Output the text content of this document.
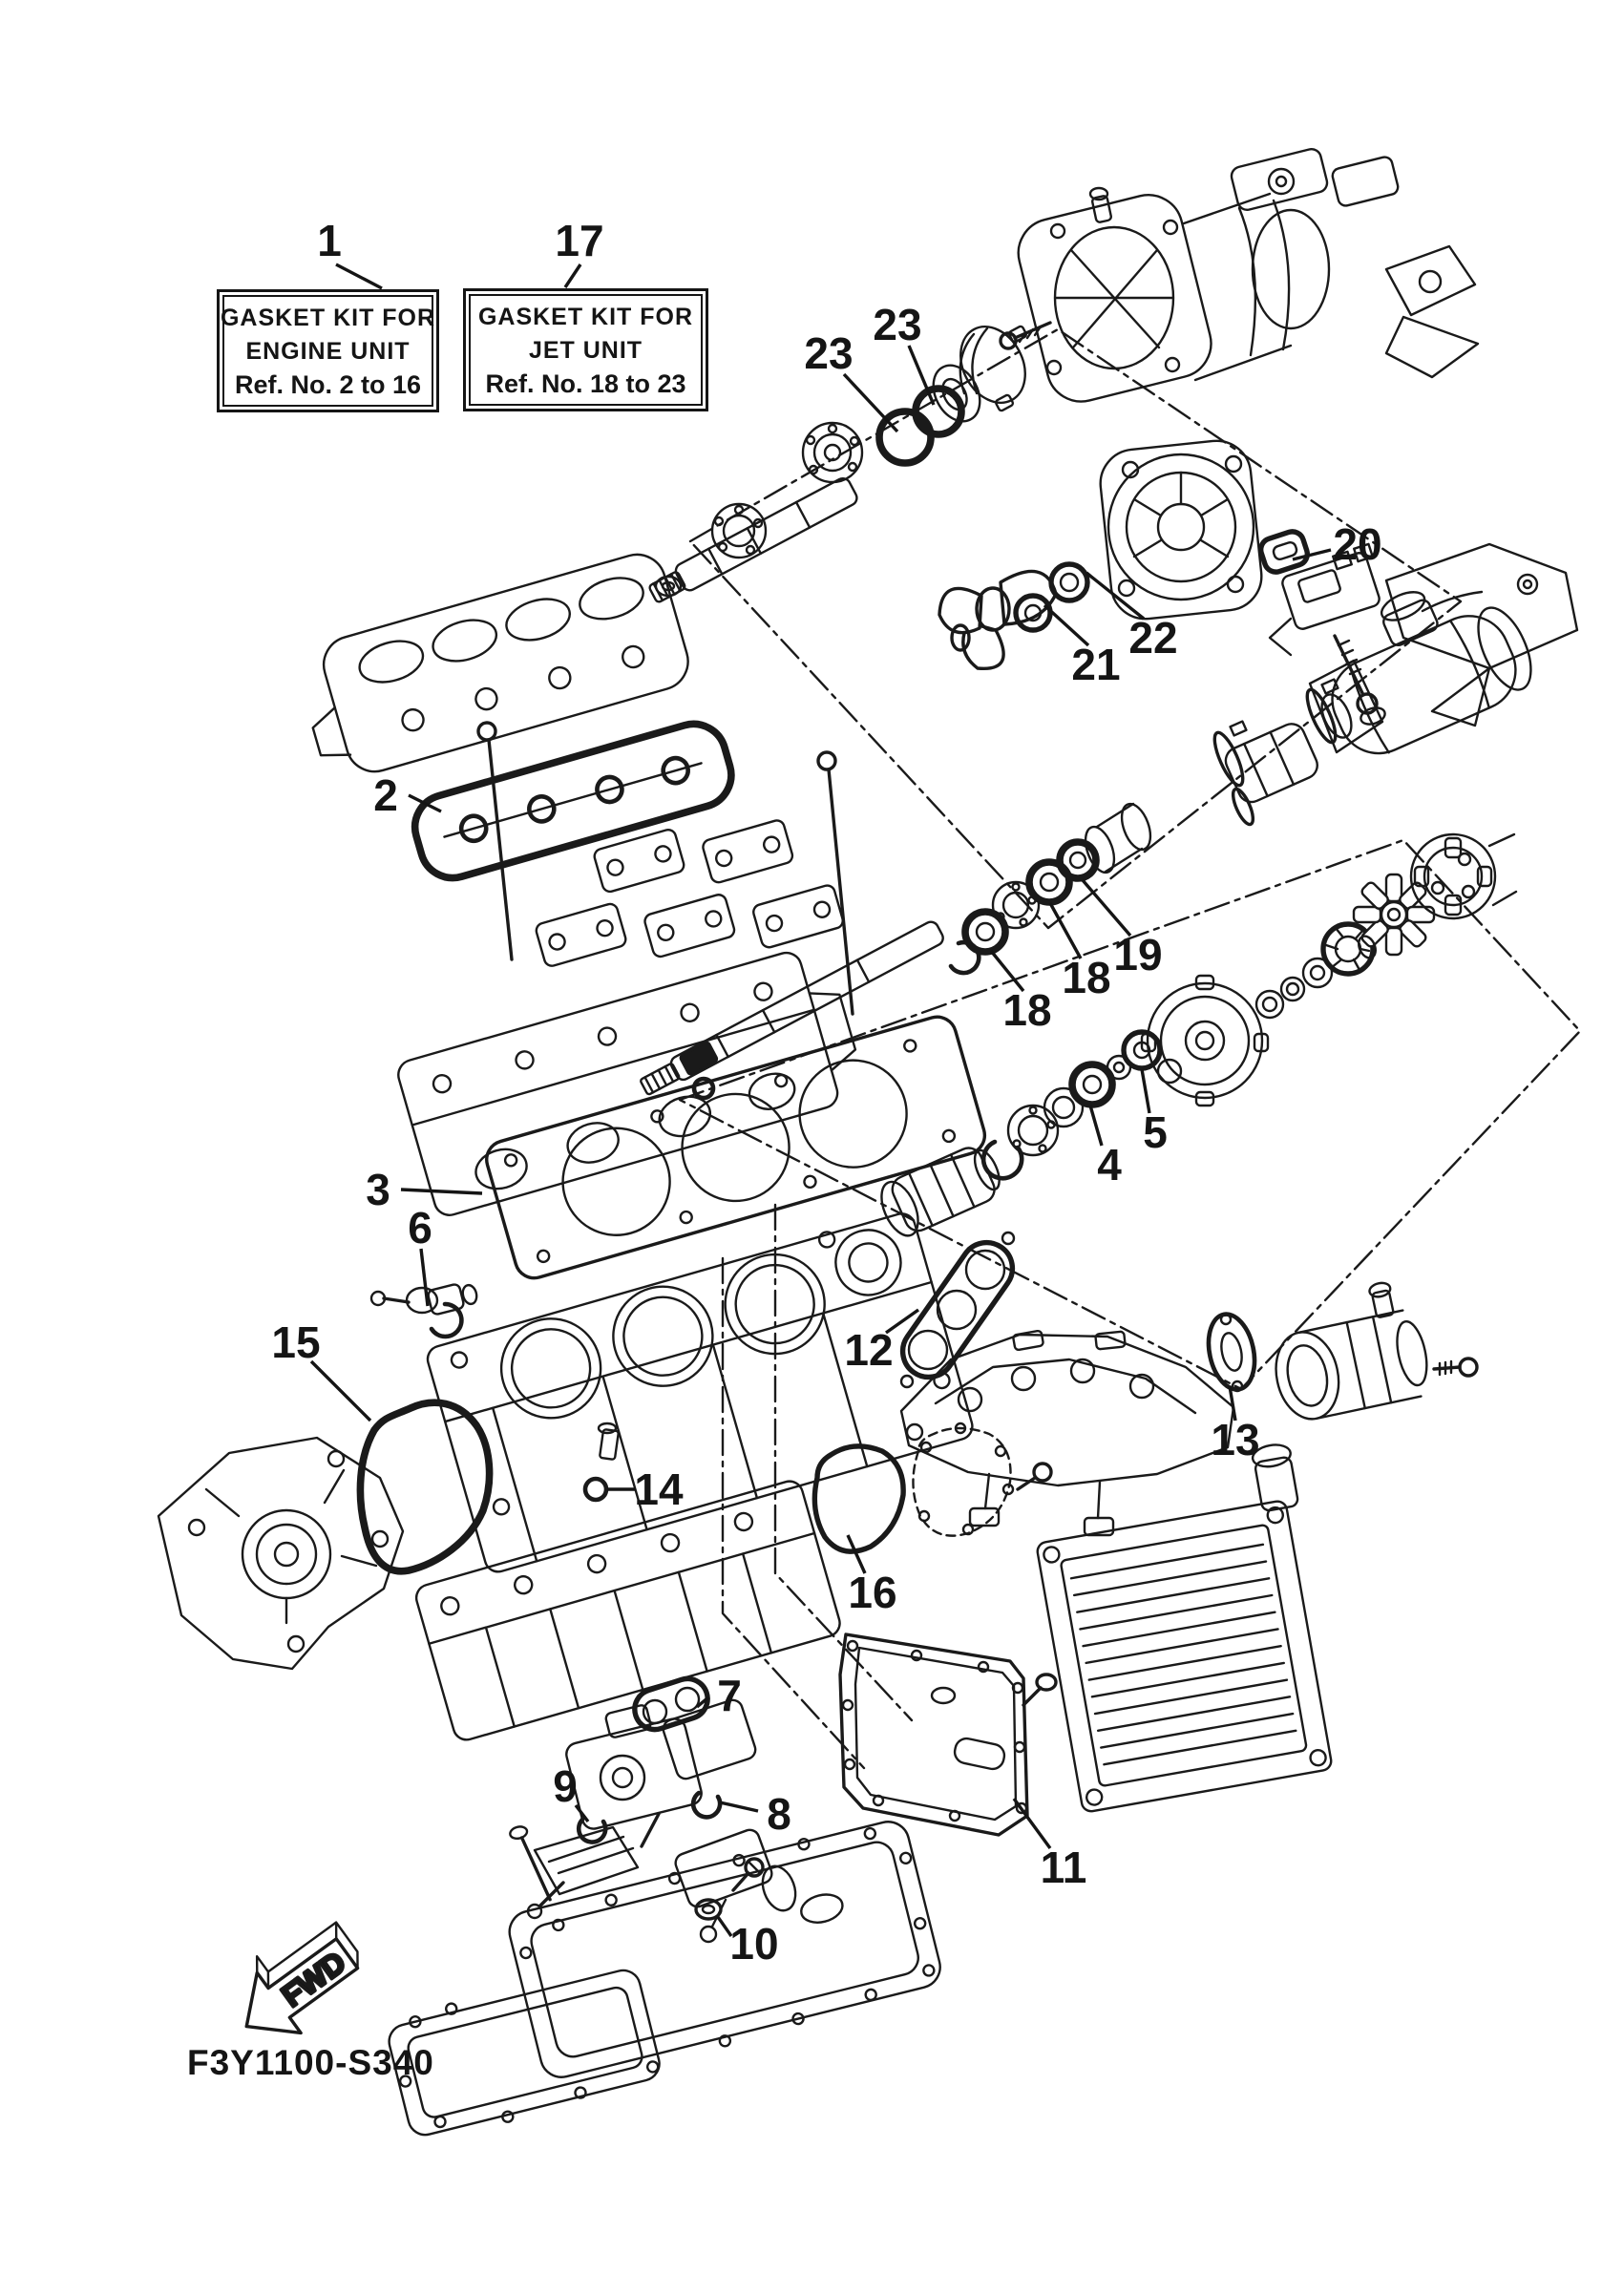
FWD
1	17
23
23
20
22
21
2
18
18 19
3
6
15	12
13
4
5
14
16
7
9
8
10
11
GASKET KIT FOR
ENGINE UNIT
Ref. No. 2 to 16
GASKET KIT FOR
JET UNIT
Ref. No. 18 to 23
F3Y1100-S340
